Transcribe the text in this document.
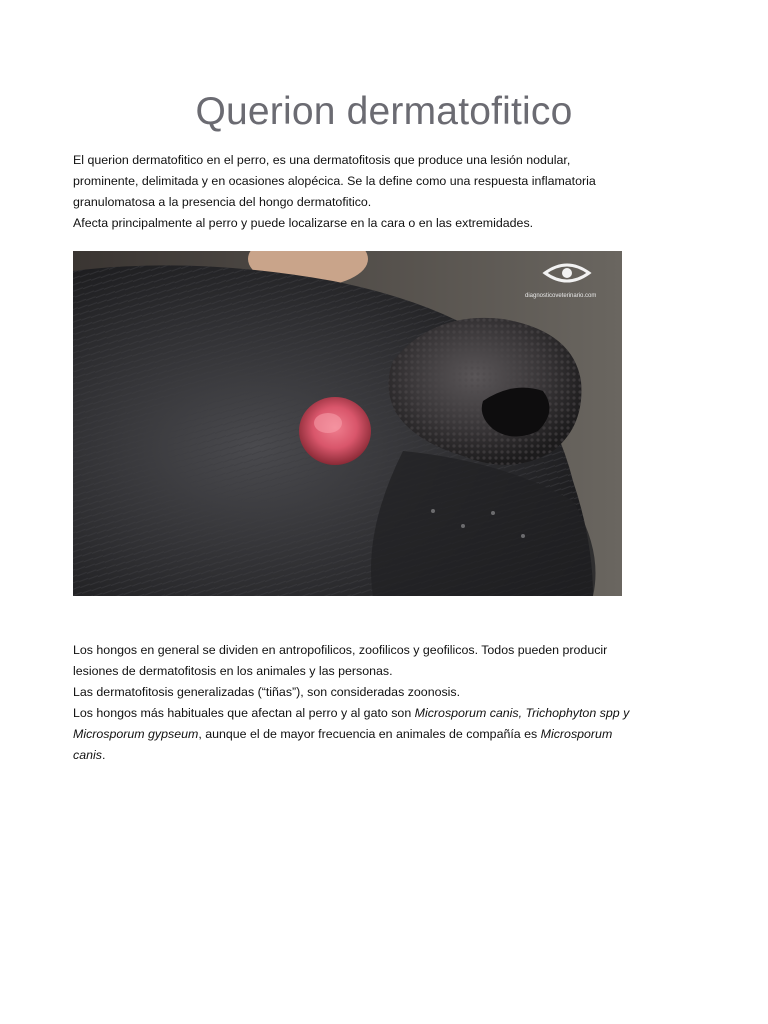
Querion dermatofitico

El querion dermatofitico en el perro, es una dermatofitosis que produce una lesión nodular,

prominente, delimitada y en ocasiones alopécica. Se la define como una respuesta inflamatoria

granulomatosa a la presencia del hongo dermatofitico.

Afecta principalmente al perro y puede localizarse en la cara o en las extremidades.

diagnosticoveterinario.com

Los hongos en general se dividen en antropofilicos, zoofilicos y geofilicos. Todos pueden producir

lesiones de dermatofitosis en los animales y las personas.

Las dermatofitosis generalizadas (“tiñas”), son consideradas zoonosis.

Los hongos más habituales que afectan al perro y al gato son Microsporum canis, Trichophyton spp y

Microsporum gypseum, aunque el de mayor frecuencia en animales de compañía es Microsporum

canis.
